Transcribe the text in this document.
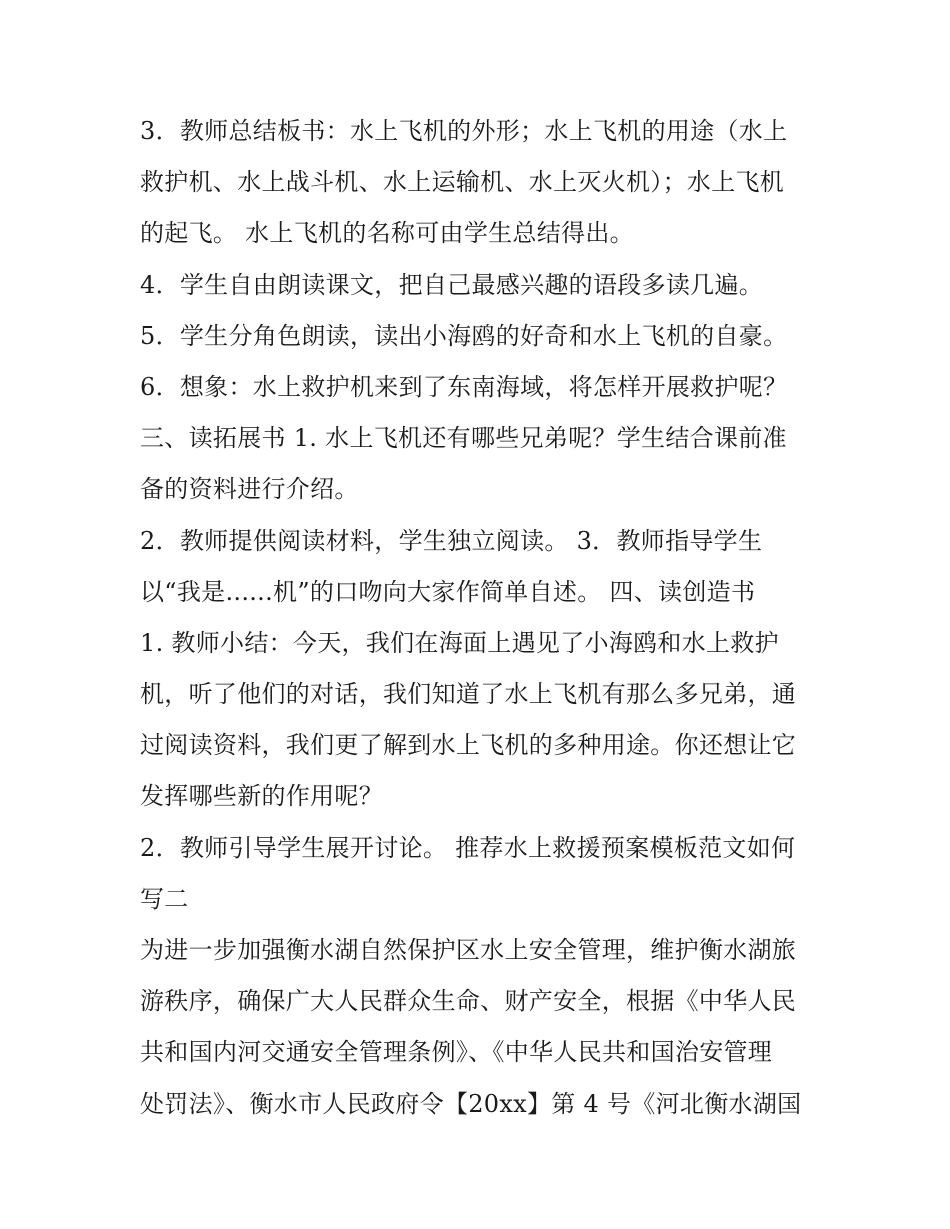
3．教师总结板书：水上飞机的外形；水上飞机的用途（水上
救护机、水上战斗机、水上运输机、水上灭火机）；水上飞机
的起飞。 水上飞机的名称可由学生总结得出。
4．学生自由朗读课文，把自己最感兴趣的语段多读几遍。
5．学生分角色朗读，读出小海鸥的好奇和水上飞机的自豪。
6．想象：水上救护机来到了东南海域，将怎样开展救护呢？
三、读拓展书 1. 水上飞机还有哪些兄弟呢？学生结合课前准
备的资料进行介绍。
2．教师提供阅读材料，学生独立阅读。 3．教师指导学生
以“我是......机”的口吻向大家作简单自述。 四、读创造书
1. 教师小结：今天，我们在海面上遇见了小海鸥和水上救护
机，听了他们的对话，我们知道了水上飞机有那么多兄弟，通
过阅读资料，我们更了解到水上飞机的多种用途。你还想让它
发挥哪些新的作用呢？
2．教师引导学生展开讨论。 推荐水上救援预案模板范文如何
写二
为进一步加强衡水湖自然保护区水上安全管理，维护衡水湖旅
游秩序，确保广大人民群众生命、财产安全，根据《中华人民
共和国内河交通安全管理条例》、《中华人民共和国治安管理
处罚法》、衡水市人民政府令【20xx】第 4 号《河北衡水湖国
